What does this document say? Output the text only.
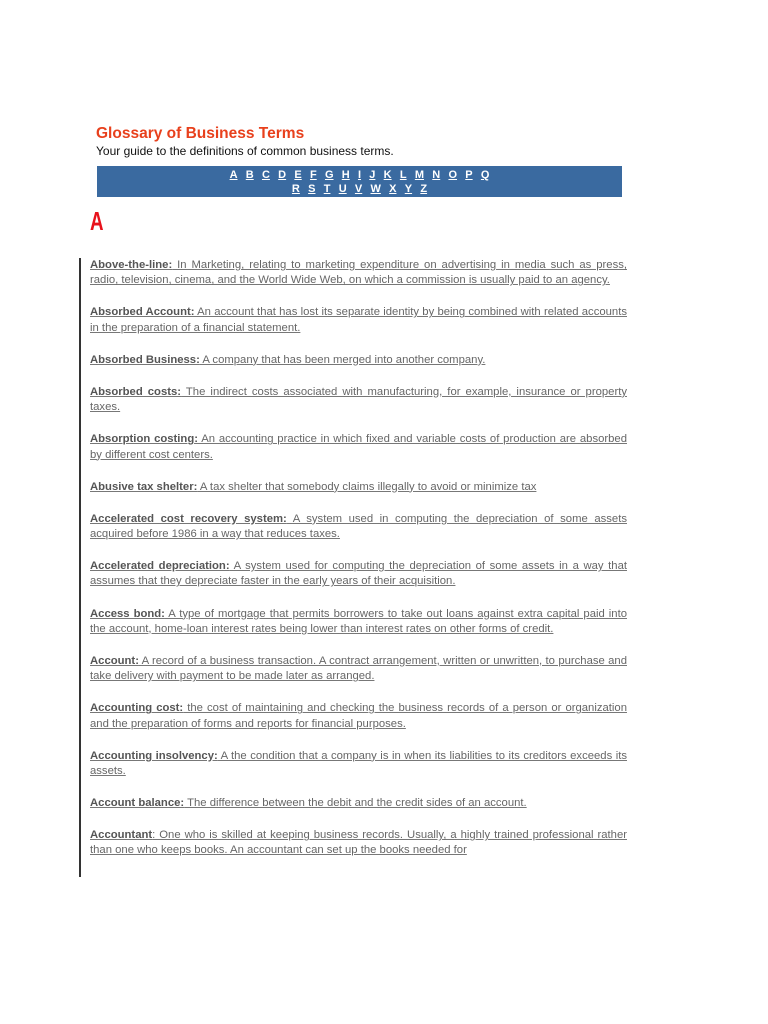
Glossary of Business Terms
Your guide to the definitions of common business terms.
A B C D E F G H I J K L M N O P Q
R S T U V W X Y Z
A

Above-the-line: In Marketing, relating to marketing expenditure on advertising in media such as press, radio, television, cinema, and the World Wide Web, on which a commission is usually paid to an agency.

Absorbed Account: An account that has lost its separate identity by being combined with related accounts in the preparation of a financial statement.

Absorbed Business: A company that has been merged into another company.

Absorbed costs: The indirect costs associated with manufacturing, for example, insurance or property taxes.

Absorption costing: An accounting practice in which fixed and variable costs of production are absorbed by different cost centers.

Abusive tax shelter: A tax shelter that somebody claims illegally to avoid or minimize tax

Accelerated cost recovery system: A system used in computing the depreciation of some assets acquired before 1986 in a way that reduces taxes.

Accelerated depreciation: A system used for computing the depreciation of some assets in a way that assumes that they depreciate faster in the early years of their acquisition.

Access bond: A type of mortgage that permits borrowers to take out loans against extra capital paid into the account, home-loan interest rates being lower than interest rates on other forms of credit.

Account: A record of a business transaction. A contract arrangement, written or unwritten, to purchase and take delivery with payment to be made later as arranged.

Accounting cost: the cost of maintaining and checking the business records of a person or organization and the preparation of forms and reports for financial purposes.

Accounting insolvency: A the condition that a company is in when its liabilities to its creditors exceeds its assets.

Account balance: The difference between the debit and the credit sides of an account.

Accountant: One who is skilled at keeping business records. Usually, a highly trained professional rather than one who keeps books. An accountant can set up the books needed for
